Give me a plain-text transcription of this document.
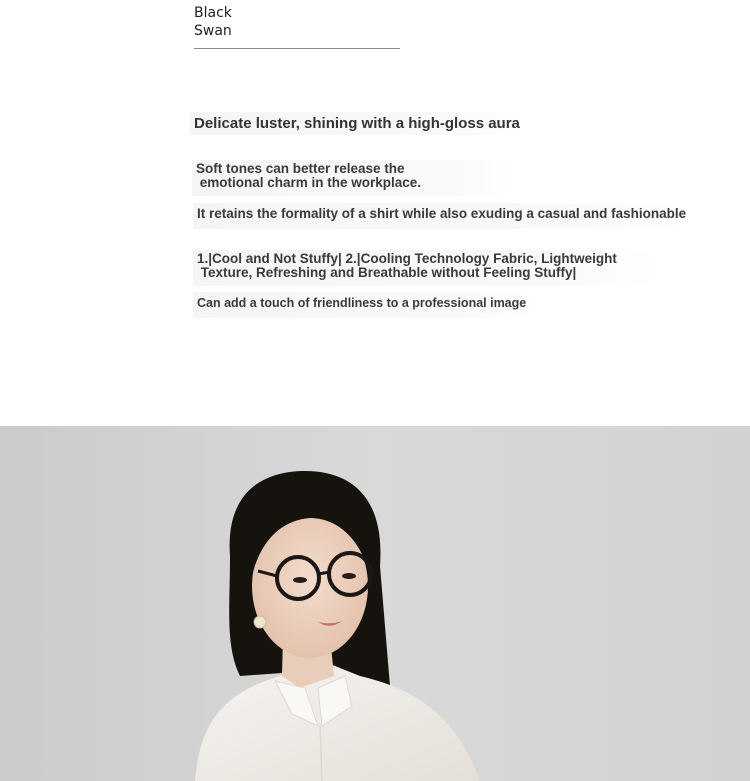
Black
Swan
Delicate luster, shining with a high-gloss aura
Soft tones can better release the
emotional charm in the workplace.
It retains the formality of a shirt while also exuding a casual and fashionable
1.|Cool and Not Stuffy| 2.|Cooling Technology Fabric, Lightweight
Texture, Refreshing and Breathable without Feeling Stuffy|
Can add a touch of friendliness to a professional image
